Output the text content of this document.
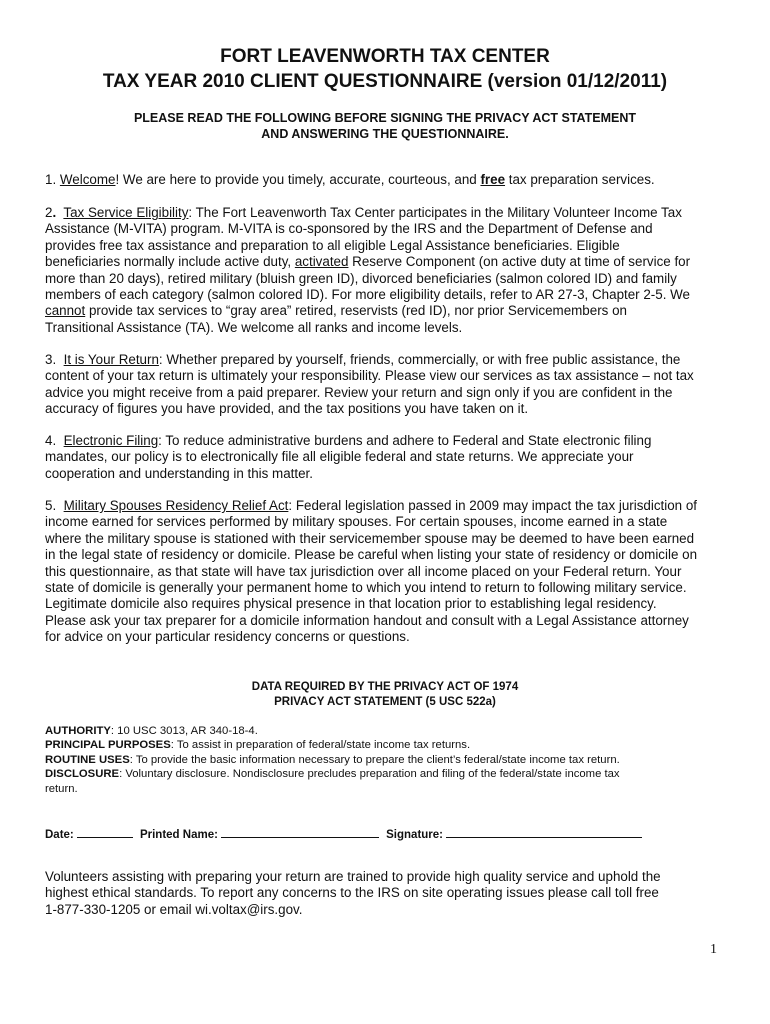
FORT LEAVENWORTH TAX CENTER
TAX YEAR 2010 CLIENT QUESTIONNAIRE (version 01/12/2011)
PLEASE READ THE FOLLOWING BEFORE SIGNING THE PRIVACY ACT STATEMENT
AND ANSWERING THE QUESTIONNAIRE.
1. Welcome! We are here to provide you timely, accurate, courteous, and free tax preparation services.
2. Tax Service Eligibility: The Fort Leavenworth Tax Center participates in the Military Volunteer Income Tax
Assistance (M-VITA) program. M-VITA is co-sponsored by the IRS and the Department of Defense and
provides free tax assistance and preparation to all eligible Legal Assistance beneficiaries. Eligible
beneficiaries normally include active duty, activated Reserve Component (on active duty at time of service for
more than 20 days), retired military (bluish green ID), divorced beneficiaries (salmon colored ID) and family
members of each category (salmon colored ID). For more eligibility details, refer to AR 27-3, Chapter 2-5. We
cannot provide tax services to “gray area” retired, reservists (red ID), nor prior Servicemembers on
Transitional Assistance (TA). We welcome all ranks and income levels.
3. It is Your Return: Whether prepared by yourself, friends, commercially, or with free public assistance, the
content of your tax return is ultimately your responsibility. Please view our services as tax assistance – not tax
advice you might receive from a paid preparer. Review your return and sign only if you are confident in the
accuracy of figures you have provided, and the tax positions you have taken on it.
4. Electronic Filing: To reduce administrative burdens and adhere to Federal and State electronic filing
mandates, our policy is to electronically file all eligible federal and state returns. We appreciate your
cooperation and understanding in this matter.
5. Military Spouses Residency Relief Act: Federal legislation passed in 2009 may impact the tax jurisdiction of
income earned for services performed by military spouses. For certain spouses, income earned in a state
where the military spouse is stationed with their servicemember spouse may be deemed to have been earned
in the legal state of residency or domicile. Please be careful when listing your state of residency or domicile on
this questionnaire, as that state will have tax jurisdiction over all income placed on your Federal return. Your
state of domicile is generally your permanent home to which you intend to return to following military service.
Legitimate domicile also requires physical presence in that location prior to establishing legal residency.
Please ask your tax preparer for a domicile information handout and consult with a Legal Assistance attorney
for advice on your particular residency concerns or questions.
DATA REQUIRED BY THE PRIVACY ACT OF 1974
PRIVACY ACT STATEMENT (5 USC 522a)
AUTHORITY: 10 USC 3013, AR 340-18-4.
PRINCIPAL PURPOSES: To assist in preparation of federal/state income tax returns.
ROUTINE USES: To provide the basic information necessary to prepare the client’s federal/state income tax return.
DISCLOSURE: Voluntary disclosure. Nondisclosure precludes preparation and filing of the federal/state income tax
return.
Date:	Printed Name:	Signature:
Volunteers assisting with preparing your return are trained to provide high quality service and uphold the
highest ethical standards. To report any concerns to the IRS on site operating issues please call toll free
1-877-330-1205 or email wi.voltax@irs.gov.
1
